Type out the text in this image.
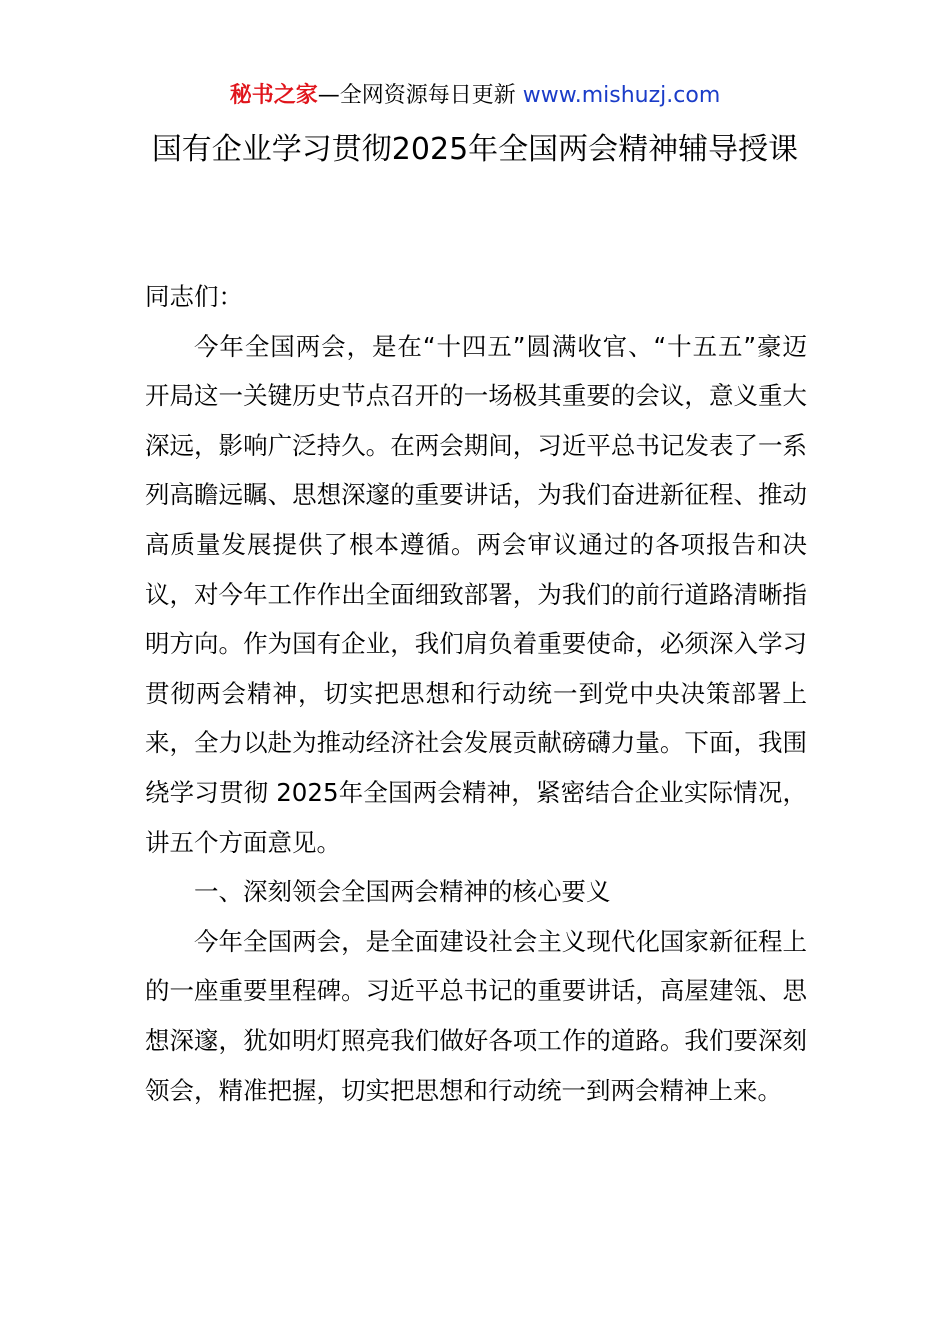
秘书之家—全网资源每日更新 www.mishuzj.com
国有企业学习贯彻2025年全国两会精神辅导授课

同志们：

今年全国两会，是在“十四五”圆满收官、“十五五”豪迈开局这一关键历史节点召开的一场极其重要的会议，意义重大深远，影响广泛持久。在两会期间，习近平总书记发表了一系列高瞻远瞩、思想深邃的重要讲话，为我们奋进新征程、推动高质量发展提供了根本遵循。两会审议通过的各项报告和决议，对今年工作作出全面细致部署，为我们的前行道路清晰指明方向。作为国有企业，我们肩负着重要使命，必须深入学习贯彻两会精神，切实把思想和行动统一到党中央决策部署上来，全力以赴为推动经济社会发展贡献磅礴力量。下面，我围绕学习贯彻 2025年全国两会精神，紧密结合企业实际情况，讲五个方面意见。

一、深刻领会全国两会精神的核心要义

今年全国两会，是全面建设社会主义现代化国家新征程上的一座重要里程碑。习近平总书记的重要讲话，高屋建瓴、思想深邃，犹如明灯照亮我们做好各项工作的道路。我们要深刻领会，精准把握，切实把思想和行动统一到两会精神上来。
